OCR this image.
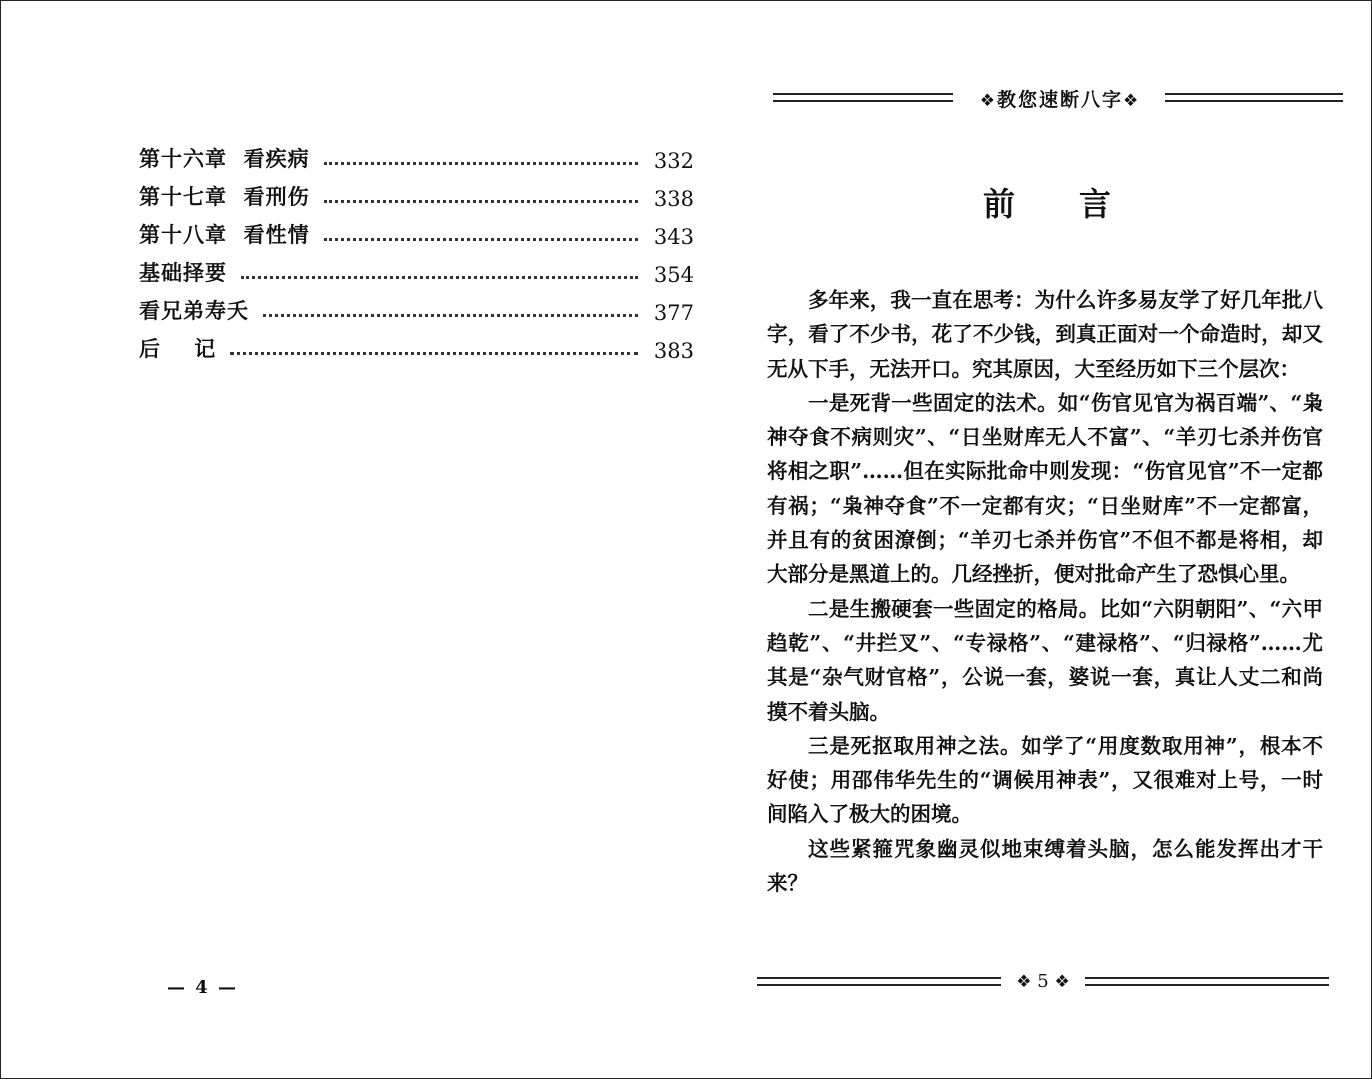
第十六章  看疾病	332
第十七章  看刑伤	338
第十八章  看性情	343
基础择要	354
看兄弟寿夭	377
后    记	383
— 4 —
❖教您速断八字❖
前言

多年来，我一直在思考：为什么许多易友学了好几年批八字，看了不少书，花了不少钱，到真正面对一个命造时，却又无从下手，无法开口。究其原因，大至经历如下三个层次：

一是死背一些固定的法术。如“伤官见官为祸百端”、“枭神夺食不病则灾”、“日坐财库无人不富”、“羊刃七杀并伤官将相之职”……但在实际批命中则发现：“伤官见官”不一定都有祸；“枭神夺食”不一定都有灾；“日坐财库”不一定都富，并且有的贫困潦倒；“羊刃七杀并伤官”不但不都是将相，却大部分是黑道上的。几经挫折，便对批命产生了恐惧心里。

二是生搬硬套一些固定的格局。比如“六阴朝阳”、“六甲趋乾”、“井拦叉”、“专禄格”、“建禄格”、“归禄格”……尤其是“杂气财官格”，公说一套，婆说一套，真让人丈二和尚摸不着头脑。

三是死抠取用神之法。如学了“用度数取用神”，根本不好使；用邵伟华先生的“调候用神表”，又很难对上号，一时间陷入了极大的困境。

这些紧箍咒象幽灵似地束缚着头脑，怎么能发挥出才干来？

❖ 5 ❖
